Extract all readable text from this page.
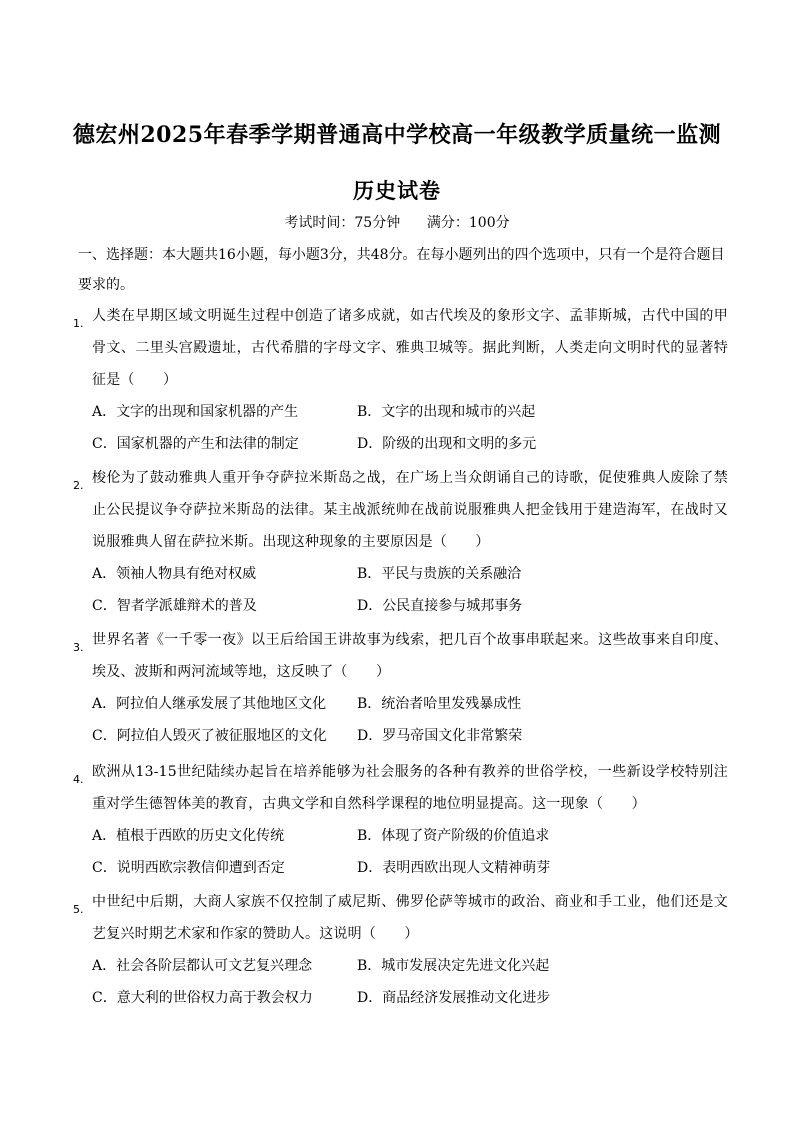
德宏州2025年春季学期普通高中学校高一年级教学质量统一监测
历史试卷
考试时间：75分钟      满分：100分
一、选择题：本大题共16小题，每小题3分，共48分。在每小题列出的四个选项中，只有一个是符合题目要求的。
1. 人类在早期区域文明诞生过程中创造了诸多成就，如古代埃及的象形文字、孟菲斯城，古代中国的甲骨文、二里头宫殿遗址，古代希腊的字母文字、雅典卫城等。据此判断，人类走向文明时代的显著特征是（　　）
A．文字的出现和国家机器的产生	B．文字的出现和城市的兴起
C．国家机器的产生和法律的制定	D．阶级的出现和文明的多元
2. 梭伦为了鼓动雅典人重开争夺萨拉米斯岛之战，在广场上当众朗诵自己的诗歌，促使雅典人废除了禁止公民提议争夺萨拉米斯岛的法律。某主战派统帅在战前说服雅典人把金钱用于建造海军，在战时又说服雅典人留在萨拉米斯。出现这种现象的主要原因是（　　）
A．领袖人物具有绝对权威	B．平民与贵族的关系融洽
C．智者学派雄辩术的普及	D．公民直接参与城邦事务
3. 世界名著《一千零一夜》以王后给国王讲故事为线索，把几百个故事串联起来。这些故事来自印度、埃及、波斯和两河流域等地，这反映了（　　）
A．阿拉伯人继承发展了其他地区文化 B．统治者哈里发残暴成性
C．阿拉伯人毁灭了被征服地区的文化 D．罗马帝国文化非常繁荣
4. 欧洲从13-15世纪陆续办起旨在培养能够为社会服务的各种有教养的世俗学校，一些新设学校特别注重对学生德智体美的教育，古典文学和自然科学课程的地位明显提高。这一现象（　　）
A．植根于西欧的历史文化传统	B．体现了资产阶级的价值追求
C．说明西欧宗教信仰遭到否定	D．表明西欧出现人文精神萌芽
5. 中世纪中后期，大商人家族不仅控制了威尼斯、佛罗伦萨等城市的政治、商业和手工业，他们还是文艺复兴时期艺术家和作家的赞助人。这说明（　　）
A．社会各阶层都认可文艺复兴理念	B．城市发展决定先进文化兴起
C．意大利的世俗权力高于教会权力	D．商品经济发展推动文化进步
